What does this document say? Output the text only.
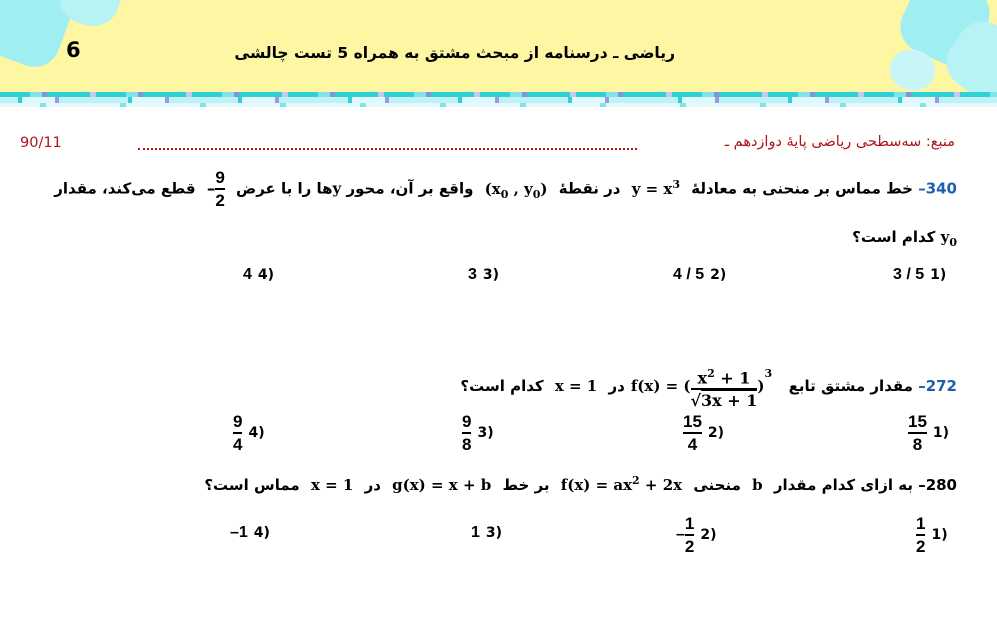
6	ریاضی ـ درسنامه از مبحث مشتق به همراه 5 تست چالشی
90/11	منبع: سه‌سطحی ریاضی پایهٔ دوازدهم ـ
340– خط مماس بر منحنی به معادلهٔ $y = x^3$ در نقطهٔ ($x_0$ , $y_0$) واقع بر آن، محور yها را با عرض – $\frac{9}{2}$
قطع می‌کند، مقدار
$y_0$ کدام است؟
3 / 5 1)
4 / 5 2)
3 3)
4 4)
272– مقدار مشتق تابع f(x) = ( $\frac{x^2 + 1}{√3x + 1} )^3$ در x = 1 کدام است؟
$\frac{15}{8} 1$)
$\frac{15}{4} 2$)
$\frac{9}{8} 3$)
$\frac{9}{4} 4$)
280– به ازای کدام مقدار b منحنی $f(x) = ax^2 + 2x$ بر خط g(x) = x + b در x = 1 مماس است؟
$\frac{1}{2} 1$)
– $\frac{1}{2} 2$)
1 3)
–1 4)
